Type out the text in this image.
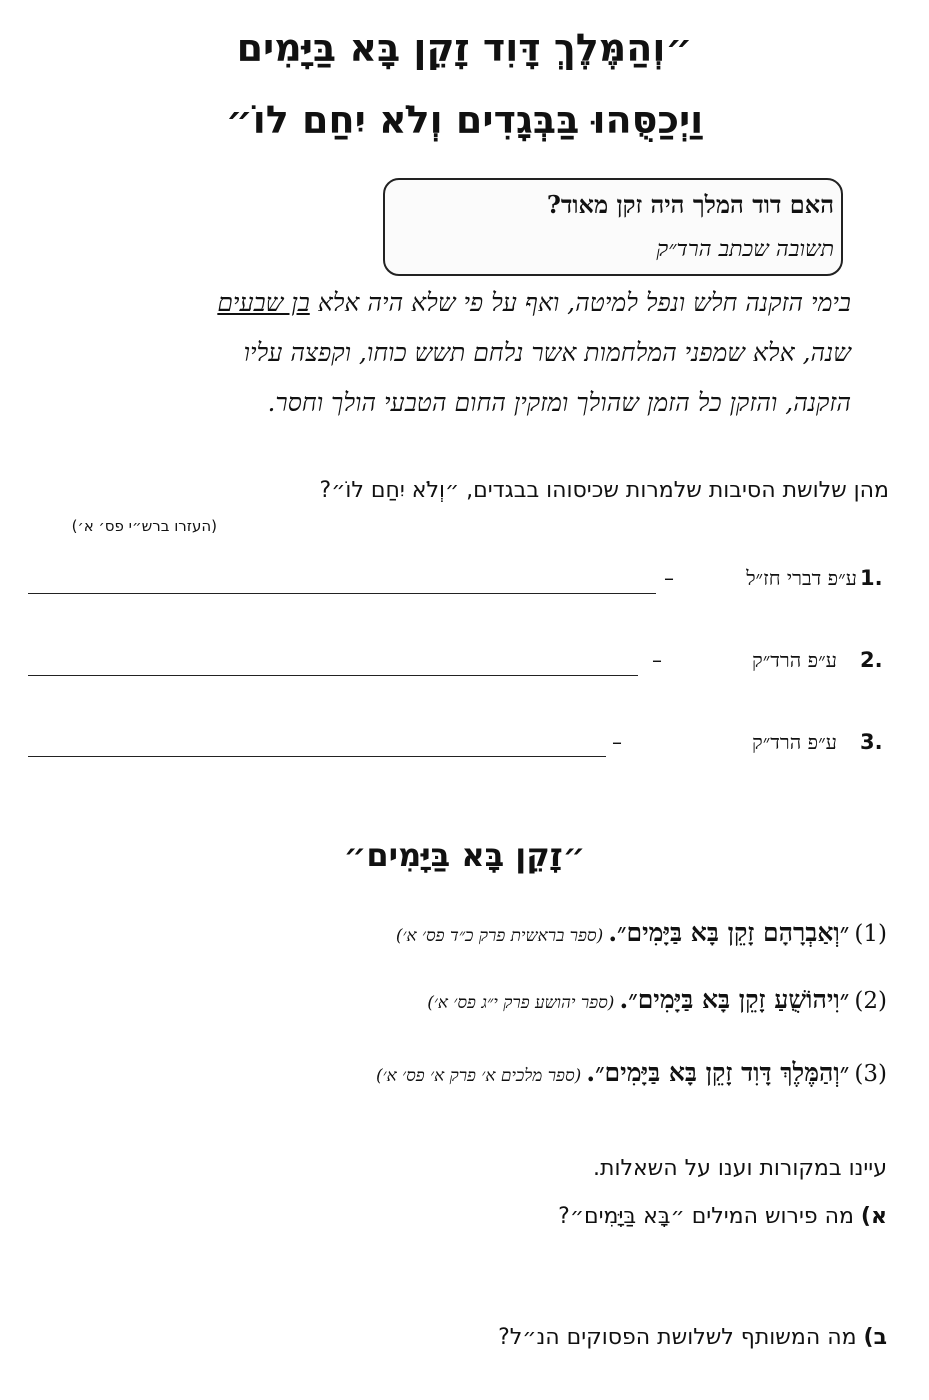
״וְהַמֶּלֶךְ דָּוִד זָקֵן בָּא בַּיָּמִים
וַיְכַסֻּהוּ בַּבְּגָדִים וְלֹא יִחַם לוֹ״
האם דוד המלך היה זקן מאוד?
תשובה שכתב הרד״ק
בימי הזקנה חלש ונפל למיטה, ואף על פי שלא היה אלא בן שבעים
שנה, אלא שמפני המלחמות אשר נלחם תשש כוחו, וקפצה עליו
הזקנה, והזקן כל הזמן שהולך ומזקין החום הטבעי הולך וחסר.
מהן שלושת הסיבות שלמרות שכיסוהו בבגדים, ״וְלֹא יִחַם לוֹ״?
(העזרו ברש״י פס׳ א׳)
1.
ע״פ דברי חז״ל
–
2.
ע״פ הרד״ק
–
3.
ע״פ הרד״ק
–
״זָקֵן בָּא בַּיָּמִים״
(1) ״וְאַבְרָהָם זָקֵן בָּא בַּיָּמִים״. (ספר בראשית פרק כ״ד פס׳ א׳)
(2) ״וִיהוֹשֻׁעַ זָקֵן בָּא בַּיָּמִים״. (ספר יהושע פרק י״ג פס׳ א׳)
(3) ״וְהַמֶּלֶךְ דָּוִד זָקֵן בָּא בַּיָּמִים״. (ספר מלכים א׳ פרק א׳ פס׳ א׳)
עיינו במקורות וענו על השאלות.
א) מה פירוש המילים ״בָּא בַּיָּמִים״?
ב) מה המשותף לשלושת הפסוקים הנ״ל?
